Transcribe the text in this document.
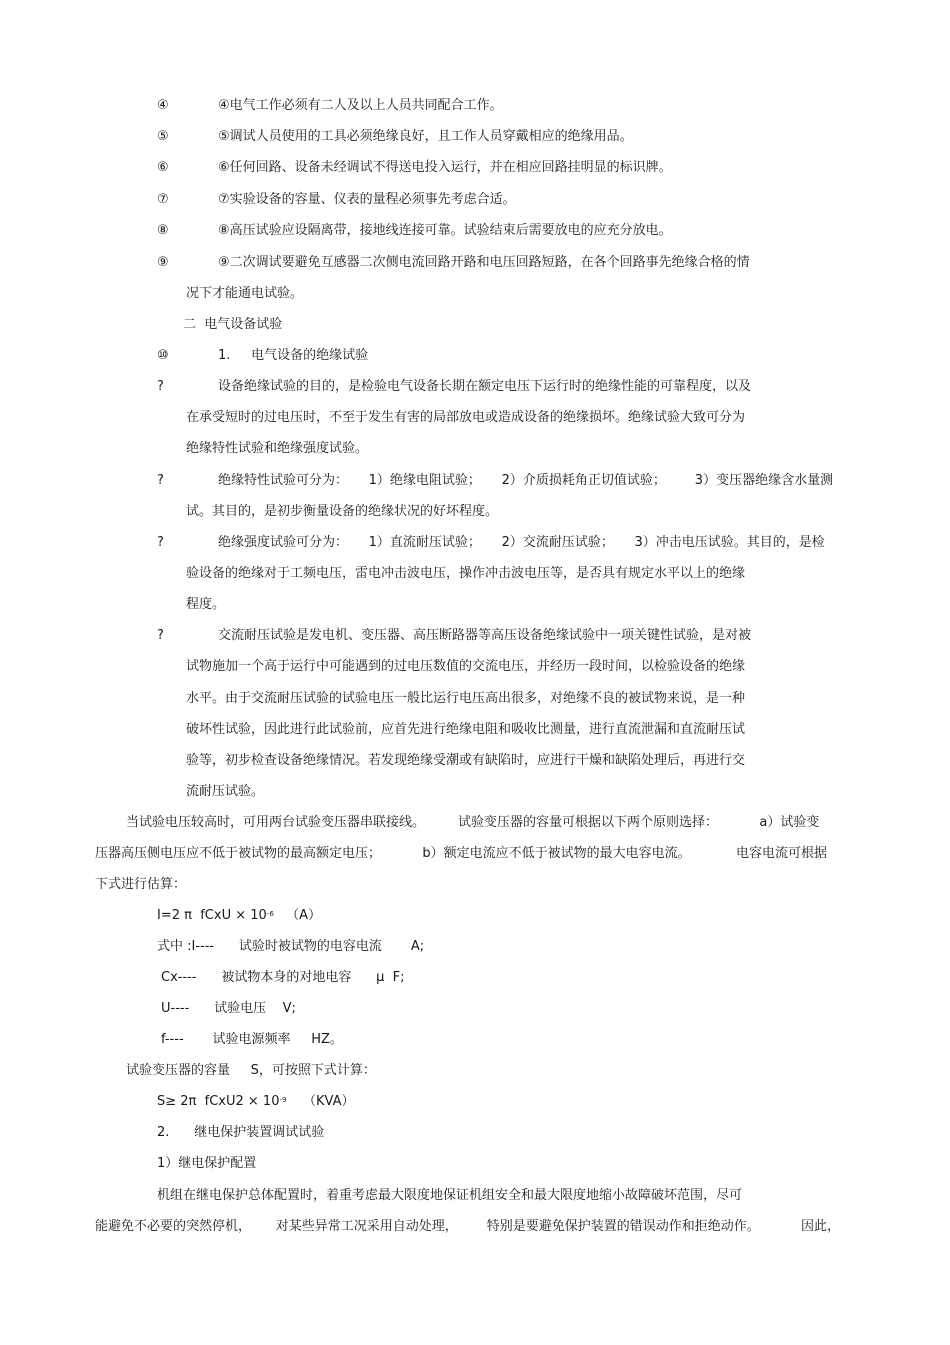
④	④电气工作必须有二人及以上人员共同配合工作。
⑤	⑤调试人员使用的工具必须绝缘良好，且工作人员穿戴相应的绝缘用品。
⑥	⑥任何回路、设备未经调试不得送电投入运行，并在相应回路挂明显的标识牌。
⑦	⑦实验设备的容量、仪表的量程必须事先考虑合适。
⑧	⑧高压试验应设隔离带，接地线连接可靠。试验结束后需要放电的应充分放电。
⑨	⑨二次调试要避免互感器二次侧电流回路开路和电压回路短路，在各个回路事先绝缘合格的情
况下才能通电试验。
二  电气设备试验
⑩	1.     电气设备的绝缘试验
?	设备绝缘试验的目的，是检验电气设备长期在额定电压下运行时的绝缘性能的可靠程度，以及
在承受短时的过电压时，不至于发生有害的局部放电或造成设备的绝缘损坏。绝缘试验大致可分为
绝缘特性试验和绝缘强度试验。
?	绝缘特性试验可分为：     1）绝缘电阻试验；     2）介质损耗角正切值试验；       3）变压器绝缘含水量测
试。其目的，是初步衡量设备的绝缘状况的好坏程度。
?	绝缘强度试验可分为：     1）直流耐压试验；     2）交流耐压试验；     3）冲击电压试验。其目的，是检
验设备的绝缘对于工频电压，雷电冲击波电压，操作冲击波电压等，是否具有规定水平以上的绝缘
程度。
?	交流耐压试验是发电机、变压器、高压断路器等高压设备绝缘试验中一项关键性试验，是对被
试物施加一个高于运行中可能遇到的过电压数值的交流电压，并经历一段时间，以检验设备的绝缘
水平。由于交流耐压试验的试验电压一般比运行电压高出很多，对绝缘不良的被试物来说，是一种
破坏性试验，因此进行此试验前，应首先进行绝缘电阻和吸收比测量，进行直流泄漏和直流耐压试
验等，初步检查设备绝缘情况。若发现绝缘受潮或有缺陷时，应进行干燥和缺陷处理后，再进行交
流耐压试验。
当试验电压较高时，可用两台试验变压器串联接线。        试验变压器的容量可根据以下两个原则选择：          a）试验变
压器高压侧电压应不低于被试物的最高额定电压；          b）额定电流应不低于被试物的最大电容电流。           电容电流可根据
下式进行估算：
I=2 π  fCxU × $10^{-6}$   （A）
式中 :I----      试验时被试物的电容电流       A;
Cx----      被试物本身的对地电容      μ  F;
U----      试验电压    V;
f----       试验电源频率     HZ。
试验变压器的容量     S，可按照下式计算：
S≥ 2π  fCxU2 × $10^{-9}$    （KVA）
2.      继电保护装置调试试验
1）继电保护配置
机组在继电保护总体配置时，着重考虑最大限度地保证机组安全和最大限度地缩小故障破坏范围，尽可
能避免不必要的突然停机，      对某些异常工况采用自动处理，       特别是要避免保护装置的错误动作和拒绝动作。          因此，
